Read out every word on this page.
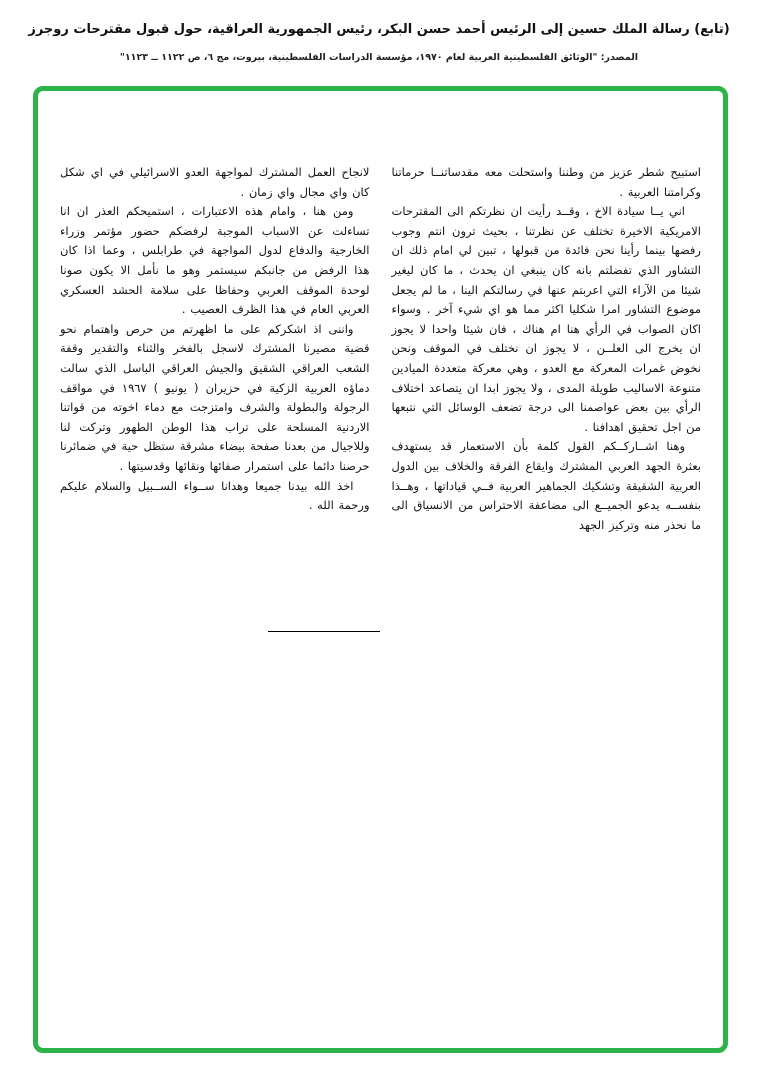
(تابع) رسالة الملك حسين إلى الرئيس أحمد حسن البكر، رئيس الجمهورية العراقية، حول قبول مقترحات روجرز
المصدر: "الوثائق الفلسطينية العربية لعام ١٩٧٠، مؤسسة الدراسات الفلسطينية، بيروت، مج ٦، ص ١١٢٢ ــ ١١٢٣"

استبيح شطر عزيز من وطننا واستحلت معه مقدساتنــا حرماتنا وكرامتنا العربية .

اني يــا سيادة الاخ ، وقــد رأيت ان نظرتكم الى المقترحات الامريكية الاخيرة تختلف عن نظرتنا ، بحيث ترون انتم وجوب رفضها بينما رأينا نحن فائدة من قبولها ، تبين لي امام ذلك ان التشاور الذي تفضلتم بانه كان ينبغي ان يحدث ، ما كان ليغير شيئا من الآراء التي اعربتم عنها في رسالتكم الينا ، ما لم يجعل موضوع التشاور امرا شكليا اكثر مما هو اي شيء آخر . وسواء اكان الصواب في الرأي هنا ام هناك ، فان شيئا واحدا لا يجوز ان يخرج الى العلــن ، لا يجوز ان نختلف في الموقف ونحن نخوض غمرات المعركة مع العدو ، وهي معركة متعددة الميادين متنوعة الاساليب طويلة المدى ، ولا يجوز ابدا ان يتصاعد اختلاف الرأي بين بعض عواصمنا الى درجة تضعف الوسائل التي نتبعها من اجل تحقيق اهدافنا .

وهنا اشــاركــكم القول كلمة بأن الاستعمار قد يستهدف بعثرة الجهد العربي المشترك وايقاع الفرقة والخلاف بين الدول العربية الشقيقة وتشكيك الجماهير العربية فــي قياداتها ، وهــذا بنفســه يدعو الجميــع الى مضاعفة الاحتراس من الانسياق الى ما نحذر منه وتركيز الجهد

لانجاح العمل المشترك لمواجهة العدو الاسرائيلي في اي شكل كان واي مجال واي زمان .

ومن هنا ، وامام هذه الاعتبارات ، استميحكم العذر ان انا تساءلت عن الاسباب الموجبة لرفضكم حضور مؤتمر وزراء الخارجية والدفاع لدول المواجهة في طرابلس ، وعما اذا كان هذا الرفض من جانبكم سيستمر وهو ما نأمل الا يكون صونا لوحدة الموقف العربي وحفاظا على سلامة الحشد العسكري العربي العام في هذا الظرف العصيب .

واننى اذ اشكركم على ما اظهرتم من حرص واهتمام نحو قضية مصيرنا المشترك لاسجل بالفخر والثناء والتقدير وقفة الشعب العراقي الشقيق والجيش العراقي الباسل الذي سالت دماؤه العربية الزكية في حزيران ( يونيو ) ١٩٦٧ في مواقف الرجولة والبطولة والشرف وامتزجت مع دماء اخوته من قواتنا الاردنية المسلحة على تراب هذا الوطن الطهور وتركت لنا وللاجيال من بعدنا صفحة بيضاء مشرقة ستظل حية في ضمائرنا حرصنا دائما على استمرار صفائها ونقائها وقدسيتها .

اخذ الله بيدنا جميعا وهدانا ســواء الســبيل والسلام عليكم ورحمة الله .
